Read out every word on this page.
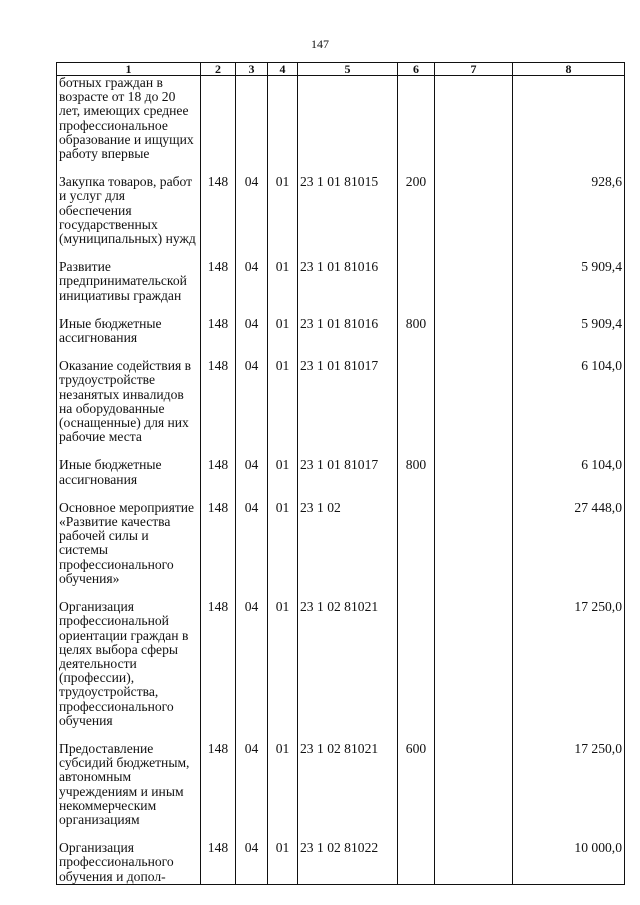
147
1	2	3	4	5	6	7	8
ботных граждан в возрасте от 18 до 20 лет, имеющих среднее профессиональное образование и ищущих работу впервые							

Закупка товаров, работ и услуг для обеспечения государственных (муниципальных) нужд	148	04	01	23 1 01 81015	200		928,6

Развитие предпринимательской инициативы граждан	148	04	01	23 1 01 81016			5 909,4

Иные бюджетные ассигнования	148	04	01	23 1 01 81016	800		5 909,4

Оказание содействия в трудоустройстве незанятых инвалидов на оборудованные (оснащенные) для них рабочие места	148	04	01	23 1 01 81017			6 104,0

Иные бюджетные ассигнования	148	04	01	23 1 01 81017	800		6 104,0

Основное мероприятие «Развитие качества рабочей силы и системы профессионального обучения»	148	04	01	23 1 02			27 448,0

Организация профессиональной ориентации граждан в целях выбора сферы деятельности (профессии), трудоустройства, профессионального обучения	148	04	01	23 1 02 81021			17 250,0

Предоставление субсидий бюджетным, автономным учреждениям и иным некоммерческим организациям	148	04	01	23 1 02 81021	600		17 250,0

Организация профессионального обучения и допол-	148	04	01	23 1 02 81022			10 000,0
